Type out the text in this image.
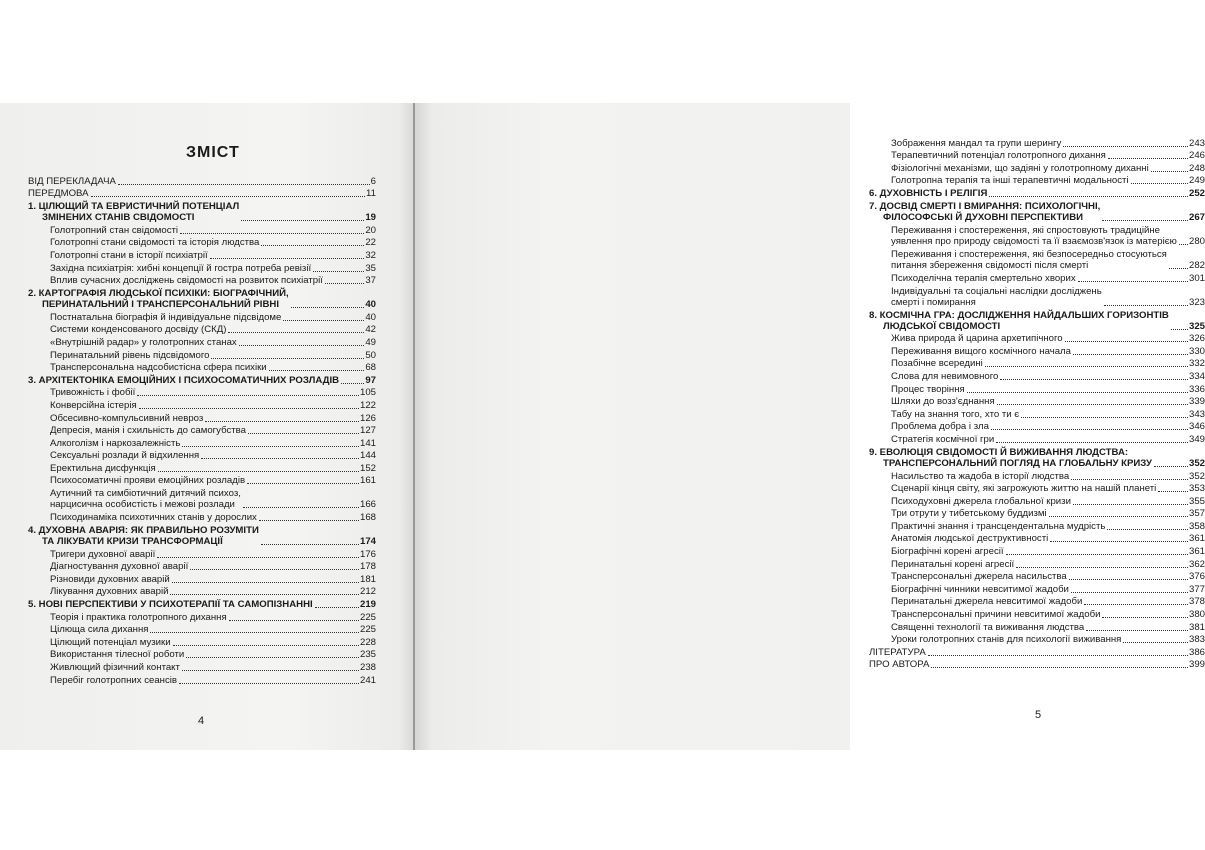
ЗМІСТ
ВІД ПЕРЕКЛАДАЧА	6
ПЕРЕДМОВА	11
1. ЦІЛЮЩИЙ ТА ЕВРИСТИЧНИЙ ПОТЕНЦІАЛ
ЗМІНЕНИХ СТАНІВ СВІДОМОСТІ	19
Голотропний стан свідомості	20
Голотропні стани свідомості та історія людства	22
Голотропні стани в історії психіатрії	32
Західна психіатрія: хибні концепції й гостра потреба ревізії	35
Вплив сучасних досліджень свідомості на розвиток психіатрії	37
2. КАРТОГРАФІЯ ЛЮДСЬКОЇ ПСИХІКИ: БІОГРАФІЧНИЙ,
ПЕРИНАТАЛЬНИЙ І ТРАНСПЕРСОНАЛЬНИЙ РІВНІ	40
Постнатальна біографія й індивідуальне підсвідоме	40
Системи конденсованого досвіду (СКД)	42
«Внутрішній радар» у голотропних станах	49
Перинатальний рівень підсвідомого	50
Трансперсональна надсобистісна сфера психіки	68
3. АРХІТЕКТОНІКА ЕМОЦІЙНИХ І ПСИХОСОМАТИЧНИХ РОЗЛАДІВ	97
Тривожність і фобії	105
Конверсійна істерія	122
Обсесивно-компульсивний невроз	126
Депресія, манія і схильність до самогубства	127
Алкоголізм і наркозалежність	141
Сексуальні розлади й відхилення	144
Еректильна дисфункція	152
Психосоматичні прояви емоційних розладів	161
Аутичний та симбіотичний дитячий психоз,
нарцисична особистість і межові розлади	166
Психодинаміка психотичних станів у дорослих	168
4. ДУХОВНА АВАРІЯ: ЯК ПРАВИЛЬНО РОЗУМІТИ
ТА ЛІКУВАТИ КРИЗИ ТРАНСФОРМАЦІЇ	174
Тригери духовної аварії	176
Діагностування духовної аварії	178
Різновиди духовних аварій	181
Лікування духовних аварій	212
5. НОВІ ПЕРСПЕКТИВИ У ПСИХОТЕРАПІЇ ТА САМОПІЗНАННІ	219
Теорія і практика голотропного дихання	225
Цілюща сила дихання	225
Цілющий потенціал музики	228
Використання тілесної роботи	235
Живлющий фізичний контакт	238
Перебіг голотропних сеансів	241
4
Зображення мандал та групи шерингу	243
Терапевтичний потенціал голотропного дихання	246
Фізіологічні механізми, що задіяні у голотропному диханні	248
Голотропна терапія та інші терапевтичні модальності	249
6. ДУХОВНІСТЬ І РЕЛІГІЯ	252
7. ДОСВІД СМЕРТІ І ВМИРАННЯ: ПСИХОЛОГІЧНІ,
ФІЛОСОФСЬКІ Й ДУХОВНІ ПЕРСПЕКТИВИ	267
Переживання і спостереження, які спростовують традиційне
уявлення про природу свідомості та її взаємозв'язок із матерією 280
Переживання і спостереження, які безпосередньо стосуються
питання збереження свідомості після смерті	282
Психоделічна терапія смертельно хворих	301
Індивідуальні та соціальні наслідки досліджень
смерті і помирання	323
8. КОСМІЧНА ГРА: ДОСЛІДЖЕННЯ НАЙДАЛЬШИХ ГОРИЗОНТІВ
ЛЮДСЬКОЇ СВІДОМОСТІ	325
Жива природа й царина архетипічного	326
Переживання вищого космічного начала	330
Позабічне всередині	332
Слова для невимовного	334
Процес творіння	336
Шляхи до возз'єднання	339
Табу на знання того, хто ти є	343
Проблема добра і зла	346
Стратегія космічної гри	349
9. ЕВОЛЮЦІЯ СВІДОМОСТІ Й ВИЖИВАННЯ ЛЮДСТВА:
ТРАНСПЕРСОНАЛЬНИЙ ПОГЛЯД НА ГЛОБАЛЬНУ КРИЗУ	352
Насильство та жадоба в історії людства	352
Сценарії кінця світу, які загрожують життю на нашій планеті	353
Психодуховні джерела глобальної кризи	355
Три отрути у тибетському буддизмі	357
Практичні знання і трансцендентальна мудрість	358
Анатомія людської деструктивності	361
Біографічні корені агресії	361
Перинатальні корені агресії	362
Трансперсональні джерела насильства	376
Біографічні чинники невситимої жадоби	377
Перинатальні джерела невситимої жадоби	378
Трансперсональні причини невситимої жадоби	380
Священні технології та виживання людства	381
Уроки голотропних станів для психології виживання	383
ЛІТЕРАТУРА	386
ПРО АВТОРА	399
5
